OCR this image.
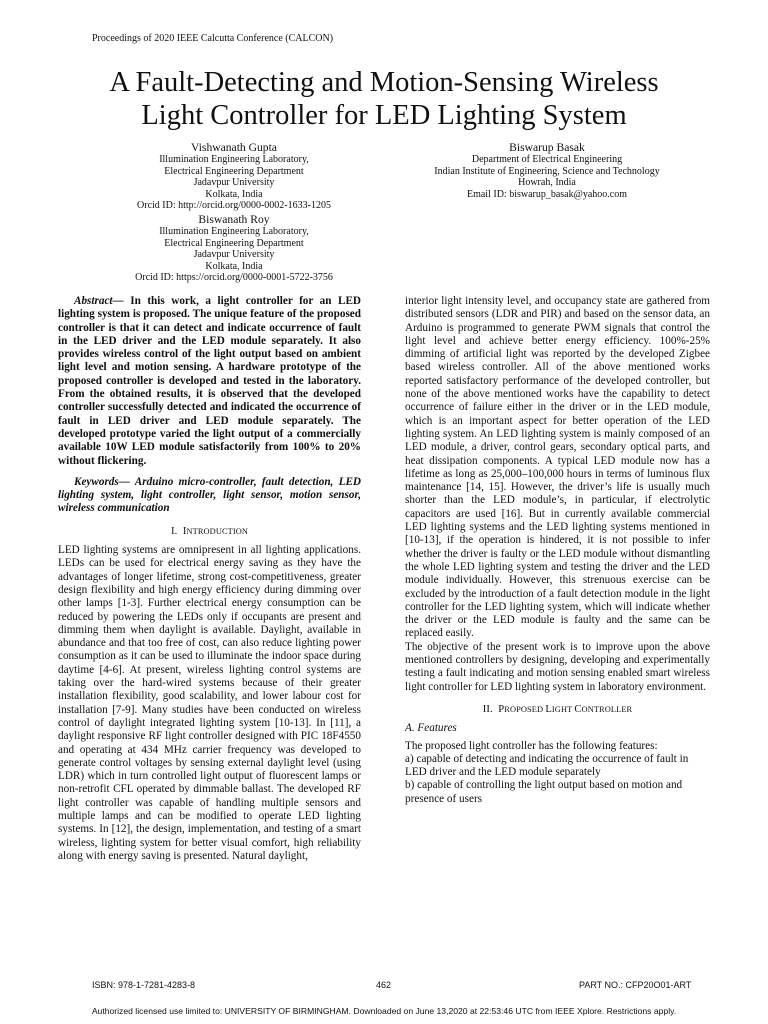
Proceedings of 2020 IEEE Calcutta Conference (CALCON)
A Fault-Detecting and Motion-Sensing Wireless
Light Controller for LED Lighting System
Vishwanath Gupta
Illumination Engineering Laboratory,
Electrical Engineering Department
Jadavpur University
Kolkata, India
Orcid ID: http://orcid.org/0000-0002-1633-1205
Biswanath Roy
Illumination Engineering Laboratory,
Electrical Engineering Department
Jadavpur University
Kolkata, India
Orcid ID: https://orcid.org/0000-0001-5722-3756
Biswarup Basak
Department of Electrical Engineering
Indian Institute of Engineering, Science and Technology
Howrah, India
Email ID: biswarup_basak@yahoo.com

Abstract— In this work, a light controller for an LED lighting system is proposed. The unique feature of the proposed controller is that it can detect and indicate occurrence of fault in the LED driver and the LED module separately. It also provides wireless control of the light output based on ambient light level and motion sensing. A hardware prototype of the proposed controller is developed and tested in the laboratory. From the obtained results, it is observed that the developed controller successfully detected and indicated the occurrence of fault in LED driver and LED module separately. The developed prototype varied the light output of a commercially available 10W LED module satisfactorily from 100% to 20% without flickering.

Keywords— Arduino micro-controller, fault detection, LED lighting system, light controller, light sensor, motion sensor, wireless communication

I. INTRODUCTION

LED lighting systems are omnipresent in all lighting applications. LEDs can be used for electrical energy saving as they have the advantages of longer lifetime, strong cost-competitiveness, greater design flexibility and high energy efficiency during dimming over other lamps [1-3]. Further electrical energy consumption can be reduced by powering the LEDs only if occupants are present and dimming them when daylight is available. Daylight, available in abundance and that too free of cost, can also reduce lighting power consumption as it can be used to illuminate the indoor space during daytime [4-6]. At present, wireless lighting control systems are taking over the hard-wired systems because of their greater installation flexibility, good scalability, and lower labour cost for installation [7-9]. Many studies have been conducted on wireless control of daylight integrated lighting system [10-13]. In [11], a daylight responsive RF light controller designed with PIC 18F4550 and operating at 434 MHz carrier frequency was developed to generate control voltages by sensing external daylight level (using LDR) which in turn controlled light output of fluorescent lamps or non-retrofit CFL operated by dimmable ballast. The developed RF light controller was capable of handling multiple sensors and multiple lamps and can be modified to operate LED lighting systems. In [12], the design, implementation, and testing of a smart wireless, lighting system for better visual comfort, high reliability along with energy saving is presented. Natural daylight,

interior light intensity level, and occupancy state are gathered from distributed sensors (LDR and PIR) and based on the sensor data, an Arduino is programmed to generate PWM signals that control the light level and achieve better energy efficiency. 100%-25% dimming of artificial light was reported by the developed Zigbee based wireless controller. All of the above mentioned works reported satisfactory performance of the developed controller, but none of the above mentioned works have the capability to detect occurrence of failure either in the driver or in the LED module, which is an important aspect for better operation of the LED lighting system. An LED lighting system is mainly composed of an LED module, a driver, control gears, secondary optical parts, and heat dissipation components. A typical LED module now has a lifetime as long as 25,000–100,000 hours in terms of luminous flux maintenance [14, 15]. However, the driver’s life is usually much shorter than the LED module’s, in particular, if electrolytic capacitors are used [16]. But in currently available commercial LED lighting systems and the LED lighting systems mentioned in [10-13], if the operation is hindered, it is not possible to infer whether the driver is faulty or the LED module without dismantling the whole LED lighting system and testing the driver and the LED module individually. However, this strenuous exercise can be excluded by the introduction of a fault detection module in the light controller for the LED lighting system, which will indicate whether the driver or the LED module is faulty and the same can be replaced easily.

The objective of the present work is to improve upon the above mentioned controllers by designing, developing and experimentally testing a fault indicating and motion sensing enabled smart wireless light controller for LED lighting system in laboratory environment.

II. PROPOSED LIGHT CONTROLLER
A. Features

The proposed light controller has the following features:

a) capable of detecting and indicating the occurrence of fault in LED driver and the LED module separately

b) capable of controlling the light output based on motion and presence of users

ISBN: 978-1-7281-4283-8	462	PART NO.: CFP20O01-ART
Authorized licensed use limited to: UNIVERSITY OF BIRMINGHAM. Downloaded on June 13,2020 at 22:53:46 UTC from IEEE Xplore. Restrictions apply.
